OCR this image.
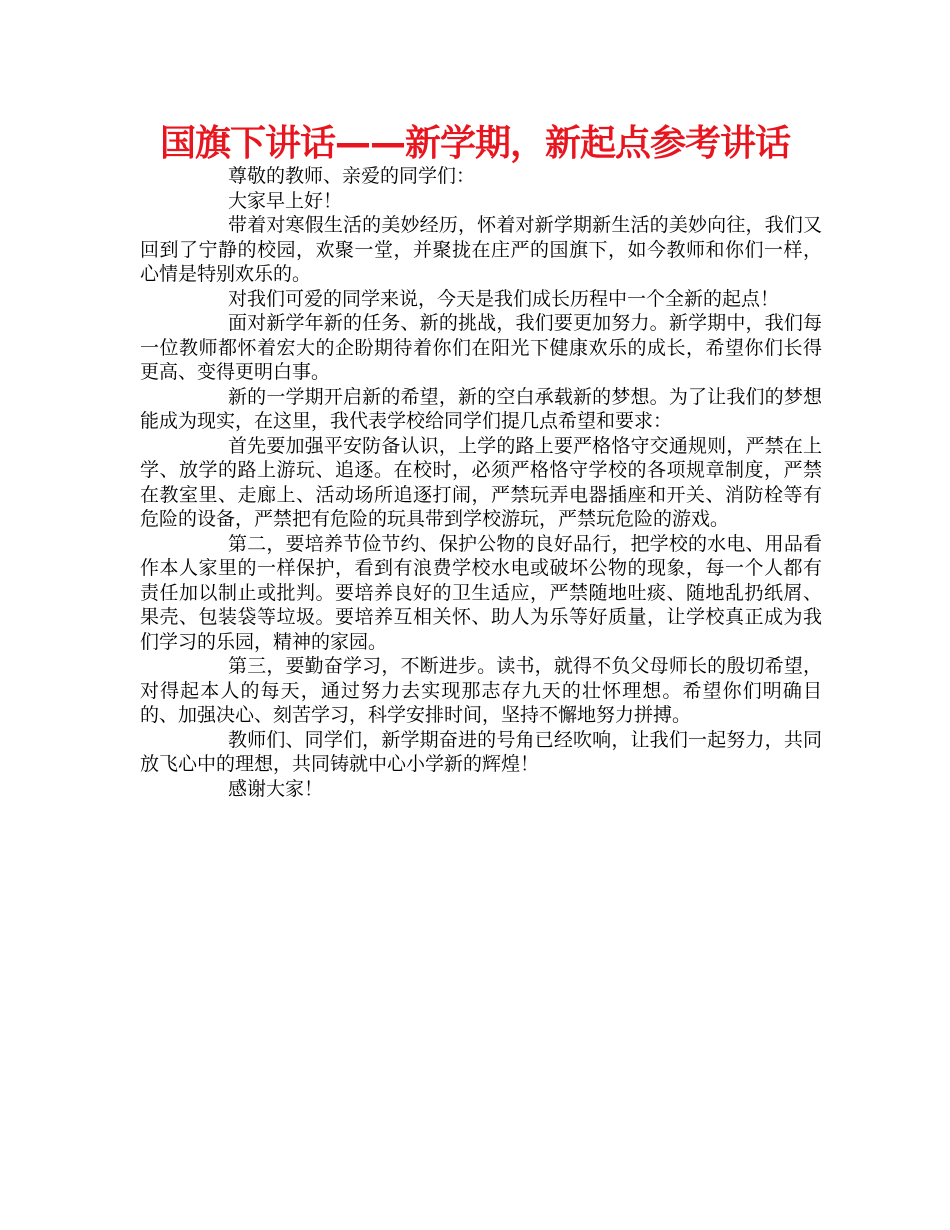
国旗下讲话——新学期，新起点参考讲话

尊敬的教师、亲爱的同学们：

大家早上好！

带着对寒假生活的美妙经历，怀着对新学期新生活的美妙向往，我们又回到了宁静的校园，欢聚一堂，并聚拢在庄严的国旗下，如今教师和你们一样，心情是特别欢乐的。

对我们可爱的同学来说，今天是我们成长历程中一个全新的起点！

面对新学年新的任务、新的挑战，我们要更加努力。新学期中，我们每一位教师都怀着宏大的企盼期待着你们在阳光下健康欢乐的成长，希望你们长得更高、变得更明白事。

新的一学期开启新的希望，新的空白承载新的梦想。为了让我们的梦想能成为现实，在这里，我代表学校给同学们提几点希望和要求：

首先要加强平安防备认识，上学的路上要严格恪守交通规则，严禁在上学、放学的路上游玩、追逐。在校时，必须严格恪守学校的各项规章制度，严禁在教室里、走廊上、活动场所追逐打闹，严禁玩弄电器插座和开关、消防栓等有危险的设备，严禁把有危险的玩具带到学校游玩，严禁玩危险的游戏。

第二，要培养节俭节约、保护公物的良好品行，把学校的水电、用品看作本人家里的一样保护，看到有浪费学校水电或破坏公物的现象，每一个人都有责任加以制止或批判。要培养良好的卫生适应，严禁随地吐痰、随地乱扔纸屑、果壳、包装袋等垃圾。要培养互相关怀、助人为乐等好质量，让学校真正成为我们学习的乐园，精神的家园。

第三，要勤奋学习，不断进步。读书，就得不负父母师长的殷切希望，对得起本人的每天，通过努力去实现那志存九天的壮怀理想。希望你们明确目的、加强决心、刻苦学习，科学安排时间，坚持不懈地努力拼搏。

教师们、同学们，新学期奋进的号角已经吹响，让我们一起努力，共同放飞心中的理想，共同铸就中心小学新的辉煌！

感谢大家！
